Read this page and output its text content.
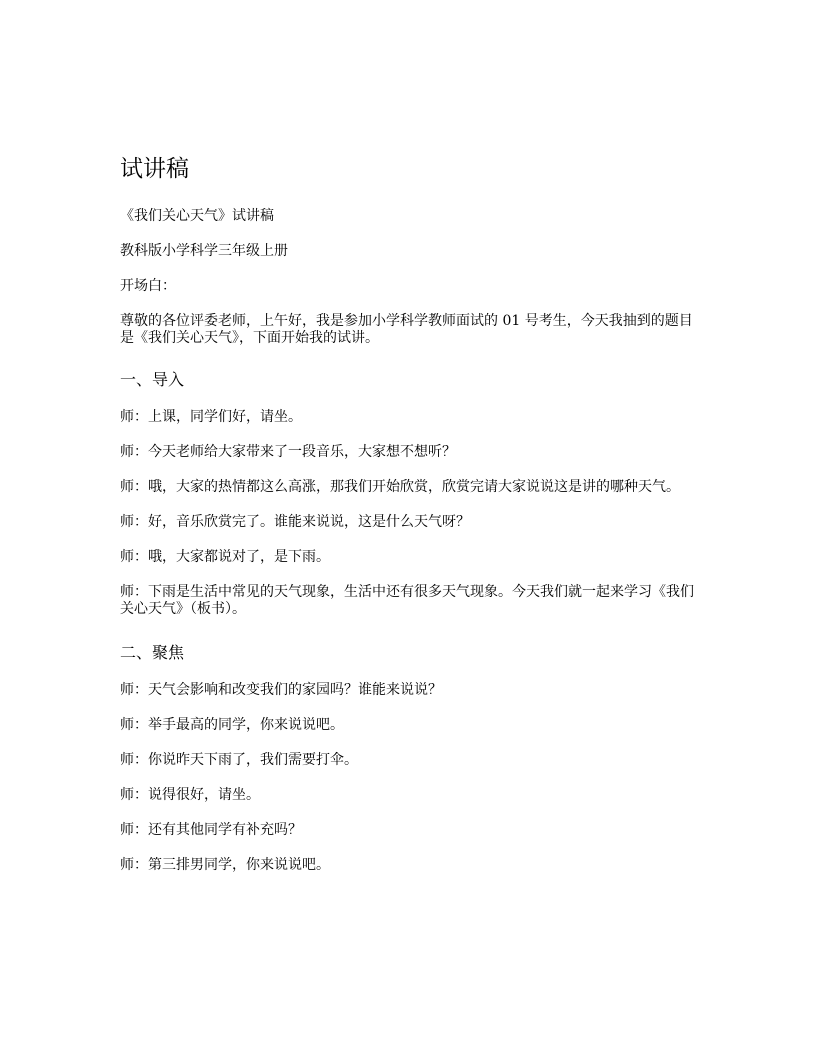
试讲稿

《我们关心天气》试讲稿

教科版小学科学三年级上册

开场白：

尊敬的各位评委老师，上午好，我是参加小学科学教师面试的 01 号考生，今天我抽到的题目是《我们关心天气》，下面开始我的试讲。

一、导入

师：上课，同学们好，请坐。

师：今天老师给大家带来了一段音乐，大家想不想听？

师：哦，大家的热情都这么高涨，那我们开始欣赏，欣赏完请大家说说这是讲的哪种天气。

师：好，音乐欣赏完了。谁能来说说，这是什么天气呀？

师：哦，大家都说对了，是下雨。

师：下雨是生活中常见的天气现象，生活中还有很多天气现象。今天我们就一起来学习《我们关心天气》（板书）。

二、聚焦

师：天气会影响和改变我们的家园吗？谁能来说说？

师：举手最高的同学，你来说说吧。

师：你说昨天下雨了，我们需要打伞。

师：说得很好，请坐。

师：还有其他同学有补充吗？

师：第三排男同学，你来说说吧。
